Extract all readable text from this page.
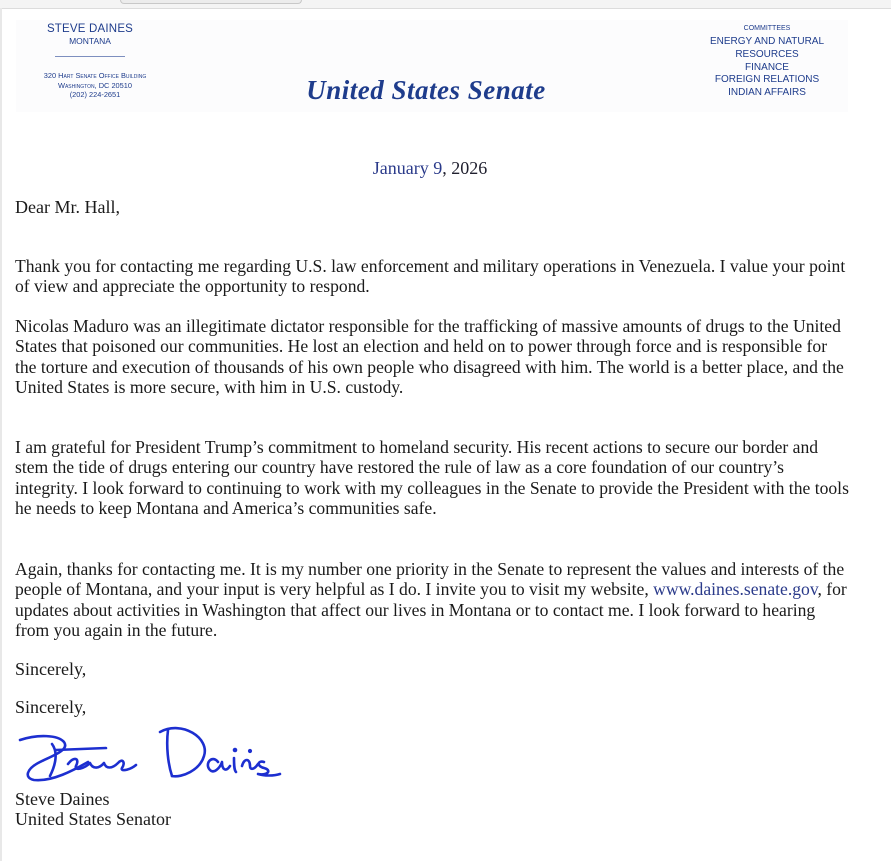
STEVE DAINES
MONTANA
320 Hart Senate Office Building
Washington, DC 20510
(202) 224-2651	United States Senate
COMMITTEES
ENERGY AND NATURAL
RESOURCES
FINANCE
FOREIGN RELATIONS
INDIAN AFFAIRS
January 9, 2026
Dear Mr. Hall,

Thank you for contacting me regarding U.S. law enforcement and military operations in Venezuela. I value your point of view and appreciate the opportunity to respond.

Nicolas Maduro was an illegitimate dictator responsible for the trafficking of massive amounts of drugs to the United States that poisoned our communities. He lost an election and held on to power through force and is responsible for the torture and execution of thousands of his own people who disagreed with him. The world is a better place, and the United States is more secure, with him in U.S. custody.

I am grateful for President Trump’s commitment to homeland security. His recent actions to secure our border and stem the tide of drugs entering our country have restored the rule of law as a core foundation of our country’s integrity. I look forward to continuing to work with my colleagues in the Senate to provide the President with the tools he needs to keep Montana and America’s communities safe.

Again, thanks for contacting me. It is my number one priority in the Senate to represent the values and interests of the people of Montana, and your input is very helpful as I do. I invite you to visit my website, www.daines.senate.gov, for updates about activities in Washington that affect our lives in Montana or to contact me. I look forward to hearing from you again in the future.

Sincerely,
Sincerely,
Steve Daines
United States Senator
